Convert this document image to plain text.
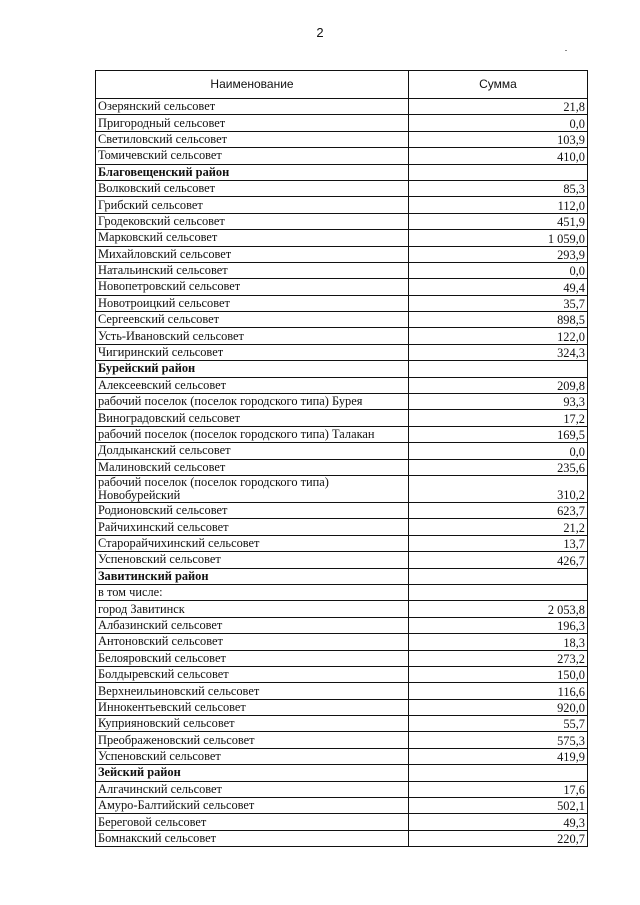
2
Наименование	Сумма
Озерянский сельсовет	21,8
Пригородный сельсовет	0,0
Светиловский сельсовет	103,9
Томичевский сельсовет	410,0
Благовещенский район	
Волковский сельсовет	85,3
Грибский сельсовет	112,0
Гродековский сельсовет	451,9
Марковский сельсовет	1 059,0
Михайловский сельсовет	293,9
Натальинский сельсовет	0,0
Новопетровский сельсовет	49,4
Новотроицкий сельсовет	35,7
Сергеевский сельсовет	898,5
Усть-Ивановский сельсовет	122,0
Чигиринский сельсовет	324,3
Бурейский район	
Алексеевский сельсовет	209,8
рабочий поселок (поселок городского типа) Бурея	93,3
Виноградовский сельсовет	17,2
рабочий поселок (поселок городского типа) Талакан	169,5
Долдыканский сельсовет	0,0
Малиновский сельсовет	235,6
рабочий поселок (поселок городского типа) Новобурейский	310,2
Родионовский сельсовет	623,7
Райчихинский сельсовет	21,2
Старорайчихинский сельсовет	13,7
Успеновский сельсовет	426,7
Завитинский район	
в том числе:	
город Завитинск	2 053,8
Албазинский сельсовет	196,3
Антоновский сельсовет	18,3
Белояровский сельсовет	273,2
Болдыревский сельсовет	150,0
Верхнеильиновский сельсовет	116,6
Иннокентьевский сельсовет	920,0
Куприяновский сельсовет	55,7
Преображеновский сельсовет	575,3
Успеновский сельсовет	419,9
Зейский район	
Алгачинский сельсовет	17,6
Амуро-Балтийский сельсовет	502,1
Береговой сельсовет	49,3
Бомнакский сельсовет	220,7
